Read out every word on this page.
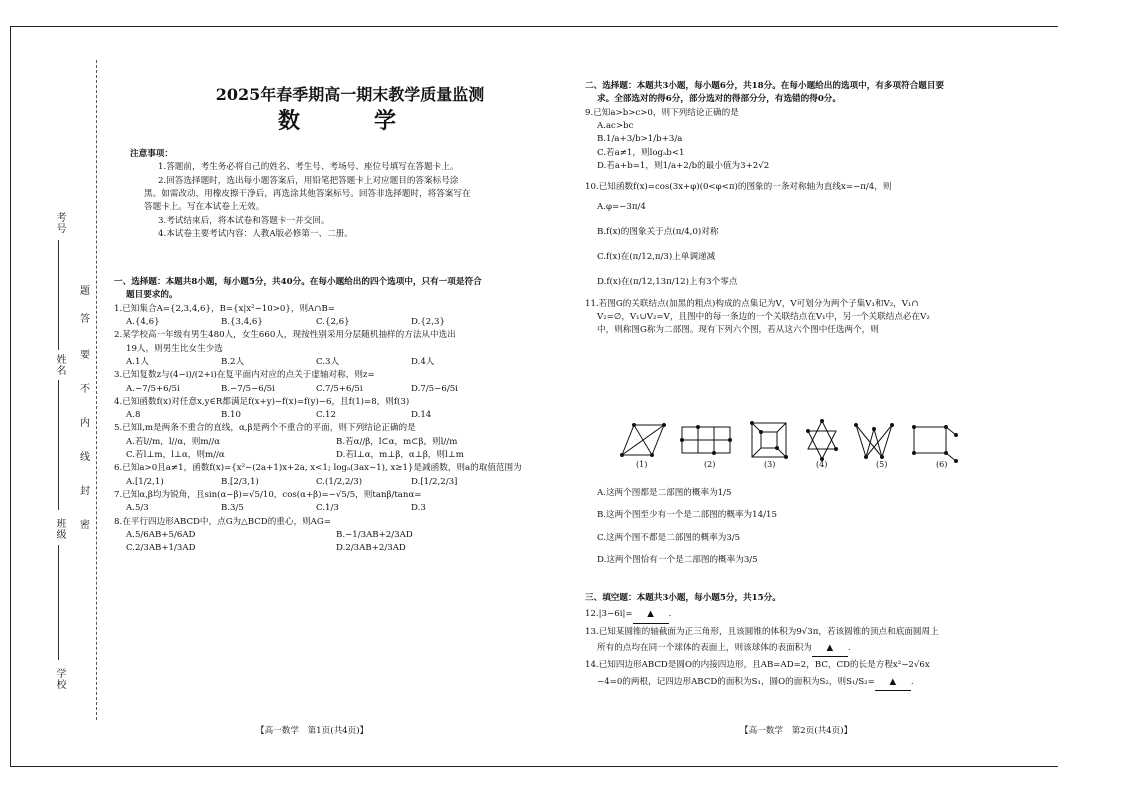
考号
姓名
班级
学校
题
答
要
不
内
线
封
密
2025年春季期高一期末教学质量监测
数　学

注意事项：

1.答题前，考生务必将自己的姓名、考生号、考场号、座位号填写在答题卡上。

2.回答选择题时，选出每小题答案后，用铅笔把答题卡上对应题目的答案标号涂

黑。如需改动，用橡皮擦干净后，再选涂其他答案标号。回答非选择题时，将答案写在

答题卡上。写在本试卷上无效。

3.考试结束后，将本试卷和答题卡一并交回。

4.本试卷主要考试内容：人教A版必修第一、二册。

一、选择题：本题共8小题，每小题5分，共40分。在每小题给出的四个选项中，只有一项是符合

题目要求的。

1.已知集合A={2,3,4,6}，B={x|x²−10>0}，则A∩B=

A.{4,6}	B.{3,4,6}	C.{2,6}	D.{2,3}

2.某学校高一年级有男生480人，女生660人，现按性别采用分层随机抽样的方法从中选出

19人，则男生比女生少选

A.1人	B.2人	C.3人	D.4人

3.已知复数z与(4−i)/(2+i)在复平面内对应的点关于虚轴对称，则z=

A.−7/5+6/5i	B.−7/5−6/5i	C.7/5+6/5i	D.7/5−6/5i

4.已知函数f(x)对任意x,y∈R都满足f(x+y)−f(x)=f(y)−6，且f(1)=8，则f(3)

A.8	B.10	C.12	D.14

5.已知l,m是两条不重合的直线，α,β是两个不重合的平面，则下列结论正确的是

A.若l//m，l//α，则m//α	B.若α//β，l⊂α，m⊂β，则l//m
C.若l⊥m，l⊥α，则m//α	D.若l⊥α，m⊥β，α⊥β，则l⊥m

6.已知a>0且a≠1，函数f(x)={x²−(2a+1)x+2a, x<1; logₐ(3ax−1), x≥1}是减函数，则a的取值范围为

A.[1/2,1)	B.[2/3,1)	C.(1/2,2/3)	D.[1/2,2/3]

7.已知α,β均为锐角，且sin(α−β)=√5/10，cos(α+β)=−√5/5，则tanβ/tanα=

A.5/3	B.3/5	C.1/3	D.3

8.在平行四边形ABCD中，点G为△BCD的重心，则AG=

A.5/6AB+5/6AD	B.−1/3AB+2/3AD
C.2/3AB+1/3AD	D.2/3AB+2/3AD

二、选择题：本题共3小题，每小题6分，共18分。在每小题给出的选项中，有多项符合题目要

求。全部选对的得6分，部分选对的得部分分，有选错的得0分。

9.已知a>b>c>0，则下列结论正确的是

A.ac>bc

B.1/a+3/b>1/b+3/a

C.若a≠1，则logₐb<1

D.若a+b=1，则1/a+2/b的最小值为3+2√2

10.已知函数f(x)=cos(3x+φ)(0<φ<π)的图象的一条对称轴为直线x=−π/4，则

A.φ=−3π/4

B.f(x)的图象关于点(π/4,0)对称

C.f(x)在(π/12,π/3)上单调递减

D.f(x)在(π/12,13π/12)上有3个零点

11.若图G的关联结点(加黑的粗点)构成的点集记为V，V可划分为两个子集V₁和V₂，V₁∩

V₂=∅，V₁∪V₂=V，且图中的每一条边的一个关联结点在V₁中，另一个关联结点必在V₂

中，则称图G称为二部图。现有下列六个图，若从这六个图中任选两个，则

(1)	(2)	(3)	(4)	(5)	(6)

A.这两个图都是二部图的概率为1/5

B.这两个图至少有一个是二部图的概率为14/15

C.这两个图不都是二部图的概率为3/5

D.这两个图恰有一个是二部图的概率为3/5

三、填空题：本题共3小题，每小题5分，共15分。

12.|3−6i|= ▲ .

13.已知某圆锥的轴截面为正三角形，且该圆锥的体积为9√3π，若该圆锥的顶点和底面圆周上

所有的点均在同一个球体的表面上，则该球体的表面积为 ▲ .

14.已知四边形ABCD是圆O的内接四边形，且AB=AD=2，BC，CD的长是方程x²−2√6x

−4=0的两根，记四边形ABCD的面积为S₁，圆O的面积为S₂，则S₁/S₂= ▲ .

【高一数学　第1页(共4页)】	【高一数学　第2页(共4页)】
